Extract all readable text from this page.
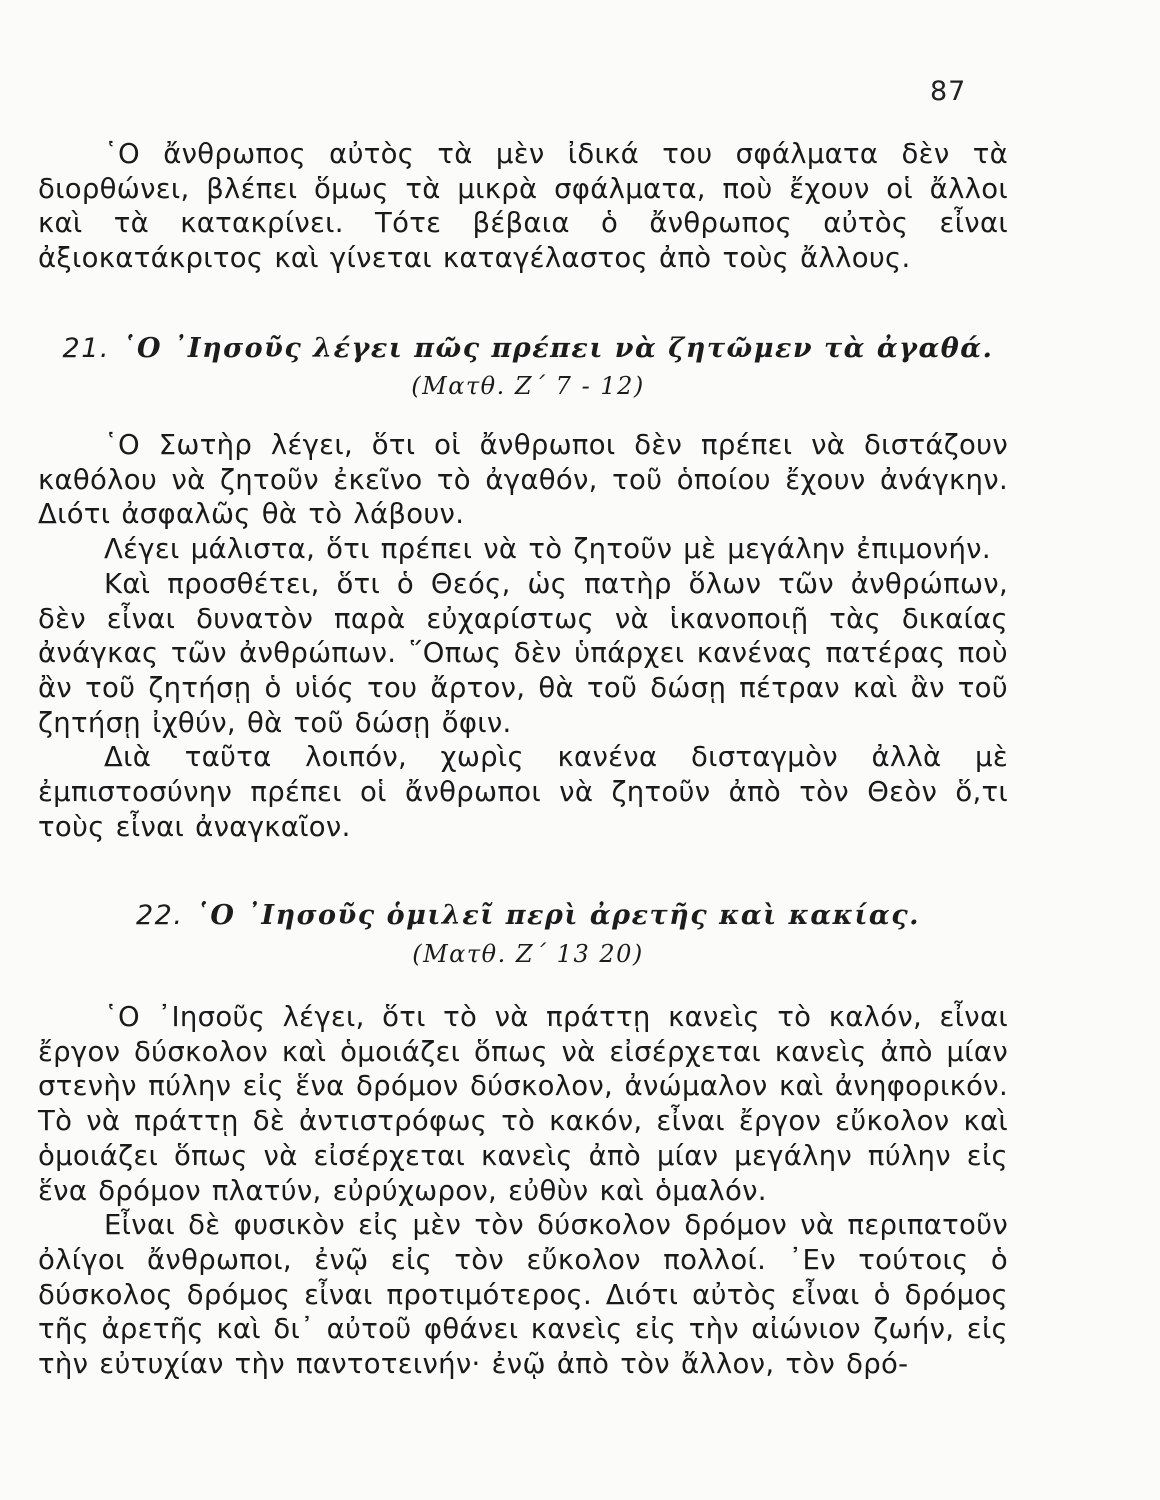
87

῾Ο ἄνθρωπος αὐτὸς τὰ μὲν ἰδικά του σφάλματα δὲν τὰ διορθώνει, βλέπει ὅμως τὰ μικρὰ σφάλματα, ποὺ ἔχουν οἱ ἄλλοι καὶ τὰ κατακρίνει. Τότε βέβαια ὁ ἄνθρωπος αὐτὸς εἶναι ἀξιοκατάκριτος καὶ γίνεται καταγέλαστος ἀπὸ τοὺς ἄλλους.

21. ῾Ο ᾿Ιησοῦς λέγει πῶς πρέπει νὰ ζητῶμεν τὰ ἀγαθά.
(Ματθ. Ζ΄ 7 - 12)

῾Ο Σωτὴρ λέγει, ὅτι οἱ ἄνθρωποι δὲν πρέπει νὰ διστάζουν καθόλου νὰ ζητοῦν ἐκεῖνο τὸ ἀγαθόν, τοῦ ὁποίου ἔχουν ἀνάγκην. Διότι ἀσφαλῶς θὰ τὸ λάβουν.

Λέγει μάλιστα, ὅτι πρέπει νὰ τὸ ζητοῦν μὲ μεγάλην ἐπιμονήν.

Καὶ προσθέτει, ὅτι ὁ Θεός, ὡς πατὴρ ὅλων τῶν ἀνθρώπων, δὲν εἶναι δυνατὸν παρὰ εὐχαρίστως νὰ ἱκανοποιῇ τὰς δικαίας ἀνάγκας τῶν ἀνθρώπων. ῞Οπως δὲν ὑπάρχει κανένας πατέρας ποὺ ἂν τοῦ ζητήσῃ ὁ υἱός του ἄρτον, θὰ τοῦ δώσῃ πέτραν καὶ ἂν τοῦ ζητήσῃ ἰχθύν, θὰ τοῦ δώσῃ ὄφιν.

Διὰ ταῦτα λοιπόν, χωρὶς κανένα δισταγμὸν ἀλλὰ μὲ ἐμπιστοσύνην πρέπει οἱ ἄνθρωποι νὰ ζητοῦν ἀπὸ τὸν Θεὸν ὅ,τι τοὺς εἶναι ἀναγκαῖον.

22. ῾Ο ᾿Ιησοῦς ὁμιλεῖ περὶ ἀρετῆς καὶ κακίας.
(Ματθ. Ζ΄ 13 20)

῾Ο ᾿Ιησοῦς λέγει, ὅτι τὸ νὰ πράττῃ κανεὶς τὸ καλόν, εἶναι ἔργον δύσκολον καὶ ὁμοιάζει ὅπως νὰ εἰσέρχεται κανεὶς ἀπὸ μίαν στενὴν πύλην εἰς ἕνα δρόμον δύσκολον, ἀνώμαλον καὶ ἀνηφορικόν. Τὸ νὰ πράττῃ δὲ ἀντιστρόφως τὸ κακόν, εἶναι ἔργον εὔκολον καὶ ὁμοιάζει ὅπως νὰ εἰσέρχεται κανεὶς ἀπὸ μίαν μεγάλην πύλην εἰς ἕνα δρόμον πλατύν, εὐρύχωρον, εὐθὺν καὶ ὁμαλόν.

Εἶναι δὲ φυσικὸν εἰς μὲν τὸν δύσκολον δρόμον νὰ περιπατοῦν ὀλίγοι ἄνθρωποι, ἐνῷ εἰς τὸν εὔκολον πολλοί. ᾿Εν τούτοις ὁ δύσκολος δρόμος εἶναι προτιμότερος. Διότι αὐτὸς εἶναι ὁ δρόμος τῆς ἀρετῆς καὶ δι᾿ αὐτοῦ φθάνει κανεὶς εἰς τὴν αἰώνιον ζωήν, εἰς τὴν εὐτυχίαν τὴν παντοτεινήν· ἐνῷ ἀπὸ τὸν ἄλλον, τὸν δρό-
